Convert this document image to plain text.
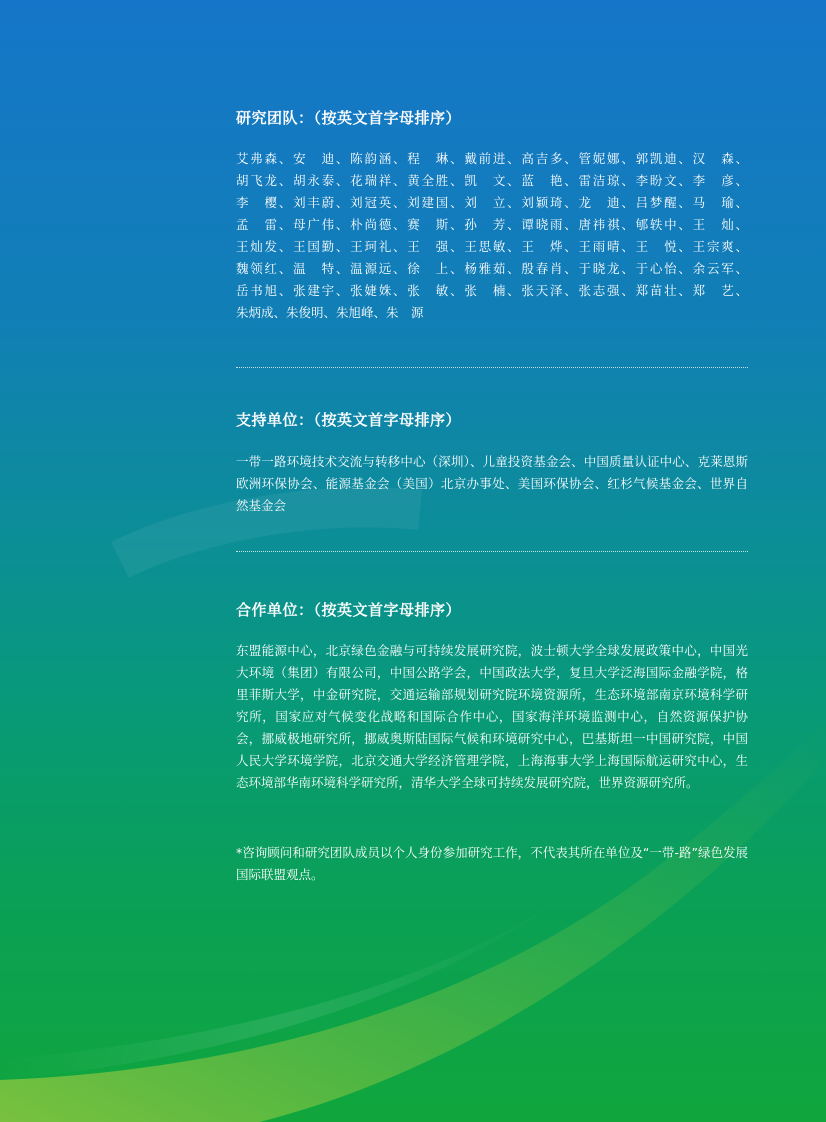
研究团队：（按英文首字母排序）
艾弗森、安　迪、陈韵涵、程　琳、戴前进、高吉多、管妮娜、郭凯迪、汉　森、
胡飞龙、胡永泰、花瑞祥、黄全胜、凯　文、蓝　艳、雷洁琼、李盼文、李　彦、
李　樱、刘丰蔚、刘冠英、刘建国、刘　立、刘颖琦、龙　迪、吕梦醒、马　瑜、
孟　雷、母广伟、朴尚德、赛　斯、孙　芳、谭晓雨、唐祎祺、郇轶中、王　灿、
王灿发、王国勤、王珂礼、王　强、王思敏、王　烨、王雨晴、王　悦、王宗爽、
魏领红、温　特、温源远、徐　上、杨雅茹、殷春肖、于晓龙、于心怡、余云军、
岳书旭、张建宇、张婕姝、张　敏、张　楠、张天泽、张志强、郑苗壮、郑　艺、
朱炳成、朱俊明、朱旭峰、朱　源
支持单位：（按英文首字母排序）
一带一路环境技术交流与转移中心（深圳）、儿童投资基金会、中国质量认证中心、克莱恩斯欧洲环保协会、能源基金会（美国）北京办事处、美国环保协会、红杉气候基金会、世界自然基金会
合作单位：（按英文首字母排序）
东盟能源中心，北京绿色金融与可持续发展研究院，波士顿大学全球发展政策中心，中国光大环境（集团）有限公司，中国公路学会，中国政法大学，复旦大学泛海国际金融学院，格里菲斯大学，中金研究院，交通运输部规划研究院环境资源所，生态环境部南京环境科学研究所，国家应对气候变化战略和国际合作中心，国家海洋环境监测中心，自然资源保护协会，挪威极地研究所，挪威奥斯陆国际气候和环境研究中心，巴基斯坦一中国研究院，中国人民大学环境学院，北京交通大学经济管理学院，上海海事大学上海国际航运研究中心，生态环境部华南环境科学研究所，清华大学全球可持续发展研究院，世界资源研究所。
*咨询顾问和研究团队成员以个人身份参加研究工作，不代表其所在单位及“一带-路”绿色发展国际联盟观点。
